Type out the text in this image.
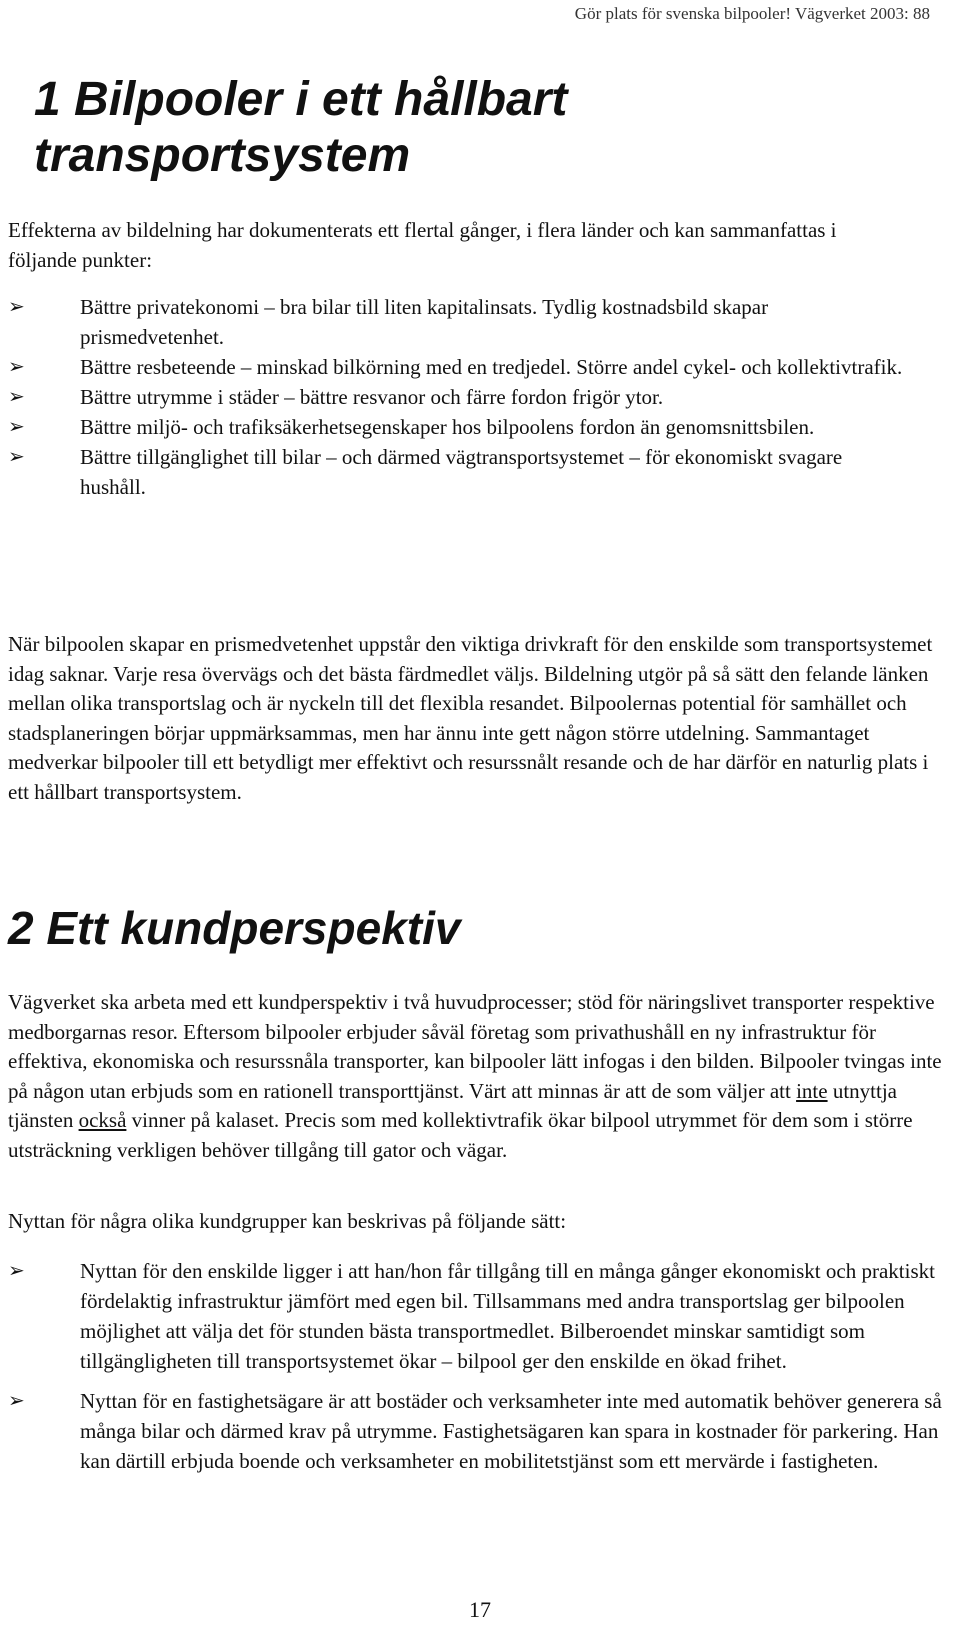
Gör plats för svenska bilpooler! Vägverket 2003: 88
1 Bilpooler i ett hållbart transportsystem

Effekterna av bildelning har dokumenterats ett flertal gånger, i flera länder och kan sammanfattas i följande punkter:

➢	Bättre privatekonomi – bra bilar till liten kapitalinsats. Tydlig kostnadsbild skapar prismedvetenhet.
➢	Bättre resbeteende – minskad bilkörning med en tredjedel. Större andel cykel- och kollektivtrafik.
➢	Bättre utrymme i städer – bättre resvanor och färre fordon frigör ytor.
➢	Bättre miljö- och trafiksäkerhetsegenskaper hos bilpoolens fordon än genomsnittsbilen.
➢	Bättre tillgänglighet till bilar – och därmed vägtransportsystemet – för ekonomiskt svagare hushåll.

När bilpoolen skapar en prismedvetenhet uppstår den viktiga drivkraft för den enskilde som transportsystemet idag saknar. Varje resa övervägs och det bästa färdmedlet väljs. Bildelning utgör på så sätt den felande länken mellan olika transportslag och är nyckeln till det flexibla resandet. Bilpoolernas potential för samhället och stadsplaneringen börjar uppmärksammas, men har ännu inte gett någon större utdelning. Sammantaget medverkar bilpooler till ett betydligt mer effektivt och resurssnålt resande och de har därför en naturlig plats i ett hållbart transportsystem.

2 Ett kundperspektiv

Vägverket ska arbeta med ett kundperspektiv i två huvudprocesser; stöd för näringslivet transporter respektive medborgarnas resor. Eftersom bilpooler erbjuder såväl företag som privathushåll en ny infrastruktur för effektiva, ekonomiska och resurssnåla transporter, kan bilpooler lätt infogas i den bilden. Bilpooler tvingas inte på någon utan erbjuds som en rationell transporttjänst. Värt att minnas är att de som väljer att inte utnyttja tjänsten också vinner på kalaset. Precis som med kollektivtrafik ökar bilpool utrymmet för dem som i större utsträckning verkligen behöver tillgång till gator och vägar.

Nyttan för några olika kundgrupper kan beskrivas på följande sätt:

➢	Nyttan för den enskilde ligger i att han/hon får tillgång till en många gånger ekonomiskt och praktiskt fördelaktig infrastruktur jämfört med egen bil. Tillsammans med andra transportslag ger bilpoolen möjlighet att välja det för stunden bästa transportmedlet. Bilberoendet minskar samtidigt som tillgängligheten till transportsystemet ökar – bilpool ger den enskilde en ökad frihet.
➢	Nyttan för en fastighetsägare är att bostäder och verksamheter inte med automatik behöver generera så många bilar och därmed krav på utrymme. Fastighetsägaren kan spara in kostnader för parkering. Han kan därtill erbjuda boende och verksamheter en mobilitetstjänst som ett mervärde i fastigheten.
17
